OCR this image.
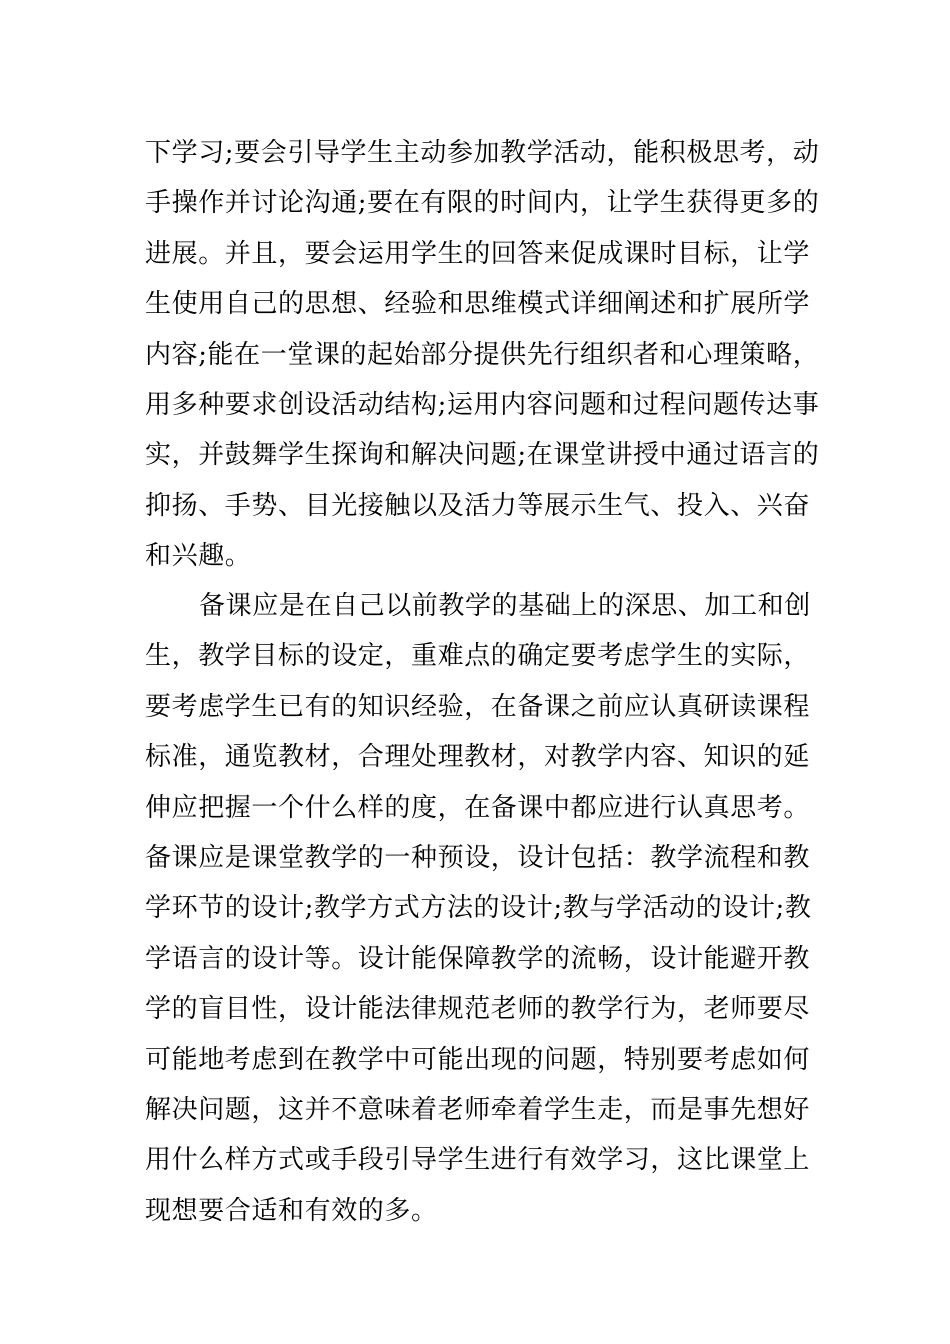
下学习;要会引导学生主动参加教学活动，能积极思考，动
手操作并讨论沟通;要在有限的时间内，让学生获得更多的
进展。并且，要会运用学生的回答来促成课时目标，让学
生使用自己的思想、经验和思维模式详细阐述和扩展所学
内容;能在一堂课的起始部分提供先行组织者和心理策略，
用多种要求创设活动结构;运用内容问题和过程问题传达事
实，并鼓舞学生探询和解决问题;在课堂讲授中通过语言的
抑扬、手势、目光接触以及活力等展示生气、投入、兴奋
和兴趣。
备课应是在自己以前教学的基础上的深思、加工和创
生，教学目标的设定，重难点的确定要考虑学生的实际，
要考虑学生已有的知识经验，在备课之前应认真研读课程
标准，通览教材，合理处理教材，对教学内容、知识的延
伸应把握一个什么样的度，在备课中都应进行认真思考。
备课应是课堂教学的一种预设，设计包括：教学流程和教
学环节的设计;教学方式方法的设计;教与学活动的设计;教
学语言的设计等。设计能保障教学的流畅，设计能避开教
学的盲目性，设计能法律规范老师的教学行为，老师要尽
可能地考虑到在教学中可能出现的问题，特别要考虑如何
解决问题，这并不意味着老师牵着学生走，而是事先想好
用什么样方式或手段引导学生进行有效学习，这比课堂上
现想要合适和有效的多。
